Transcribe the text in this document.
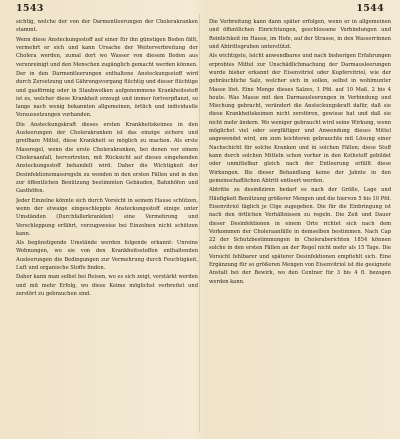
1543	1544

sichtig, welche der von der Darmentleerungen der Cholerakranken stammt.

Wenn diese Ansteckungsstoff auf einer für ihn günstigen Boden fällt, vermehrt er sich und kann Ursache der Weiterverbreitung der Cholera werden, zumal dort wo Wasser von diesem Boden aus verunreinigt und den Menschen zugänglich gemacht werden können.

Der in den Darmentleerungen enthaltene Ansteckungsstoff wird durch Zersetzung und Gährungsvorgang flüchtig und dieser flüchtige und gasförmig oder in Staubwolken aufgenommene Krankheitsstoff ist es, welcher diese Krankheit erzeugt und immer fortverpflanzt, so lange nach wenig bekannten allgemeinen, örtlich und individuelle Voraussetzungen vorhanden.

Die Ansteckungskraft dieses ersten Krankheitskeimes in den Ausleerungen der Cholerakranken ist das einzige sichere und greifbare Mittel, diese Krankheit so möglich zu machen. Als erste Massregel, wenn die erste Cholerakranken, bei denen vor einem Choleraanfall, hervortreten, mit Rücksicht auf dieses eingehenden Ansteckungsstoff behandelt wird. Daher die Wichtigkeit der Desinfektionsmassregeln zu wenden in den ersten Fällen und in den zur öffentlichen Benützung bestimmten Gebäuden, Bahnhöfen und Gasthöfen.

Jeder Einzelne könnte sich durch Vorsicht in seinem Hause schützen, wenn der etwaige eingeschleppte Ansteckungsstoff einige unter Umständen (Durchfallerkrankten) eine Vermehrung und Verschleppung erfährt, vorzugsweise bei Einzelnen nicht schützen kann.

Als begünstigende Umstände werden folgende erkannt: Unreine Wohnungen, wo sie von den Krankheitsstoffen enthaltenden Ausleerungen die Bedingungen zur Vermehrung durch Feuchtigkeit, Luft und organische Stoffe finden.

Daher kann man selbst bei Reisen, wo es sich zeigt, verstärkt werden und mit mehr Erfolg, wo diese Keime möglichst verbreitet und zerstört zu gebrauchen sind.

Die Verbreitung kann dann später erfolgen, wenn er in allgemeinen und öffentlichen Einrichtungen, geschlossene Verbindungen und Reinlichkeit im Hause, im Hofe, auf der Strasse, in den Wasserrinnen und Abtrittsgruben unterstützt.

Als wichtigste, leicht anwendbares und nach bisherigen Erfahrungen erprobtes Mittel zur Unschädlichmachung der Darmausleerungen wurde bisher erkannt der Eisenvitriol oder Kupfervitriol, wie der gebräuchliche Salz, welcher sich in sollen, selbst in wohlmunter Masse löst. Eine Menge dieses Salzes, 1 Pfd. auf 10 Maß, 2 bis 4 heute. Was Masse mit den Darmausleerungen in Verbindung und Mischung gebracht, verändert die Ansteckungskraft dafür, daß sie diese Krankheitskeimen nicht zerstören, gewisse hat und daß sie nicht mehr ändern. Wo weniger gebraucht wird seine Wirkung, wenn möglichst viel oder sorgfältiger und Anwendung dieses Mittel angewendet wird, um zum leichteren gebrauchte mit Lösung einer Nachschicht für solche Kranken und in solchen Fällen; diese Stoff kann durch solchen Mitteln schon vorher in den Kothstoff gebildet oder unmittelbar gleich nach der Entleerung erfüllt diese Wirkungen. Bis dieser Behandlung keine der Jahnte in den gemeinschaftlichen Abtritt entleert werden.

Abtritte zu desinfiziren bedarf es nach der Größe, Lage und Häufigkeit Benützung größerer Mengen und die hiervon 5 bis 10 Pfd. Eisenvitriol täglich je Ctge zugegeben. Die für die Einbringung ist nach den örtlichen Verhältnissen zu regeln. Die Zeit und Dauer dieser Desinfektionen in einem Orte richtet sich nach dem Vorkommen der Choleraanfälle in demselben bestimmen. Nach Cap 22 der Schutzbestimmungen in Choleraberichten 1854 können solche in den ersten Fällen an der Regel nicht mehr als 15 Tage. Die Vorsicht fehlbarer und späterer Desinfektionen empfiehlt sich. Eine Ergänzung für so größeren Mengen von Eisenvitriol ist die geeignete Anstalt bei der Bewirk, wo den Centner für 3 bis 4 fl. bezogen werden kann.
